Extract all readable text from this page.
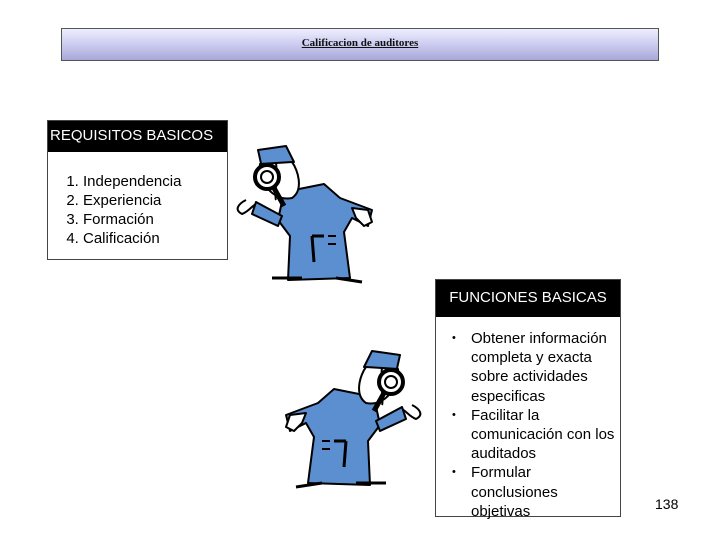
Calificacion de auditores
REQUISITOS BASICOS
1. Independencia
2. Experiencia
3. Formación
4. Calificación
FUNCIONES BASICAS
• Obtener información completa y exacta sobre actividades especificas
• Facilitar la comunicación con los auditados
• Formular conclusiones objetivas	138
